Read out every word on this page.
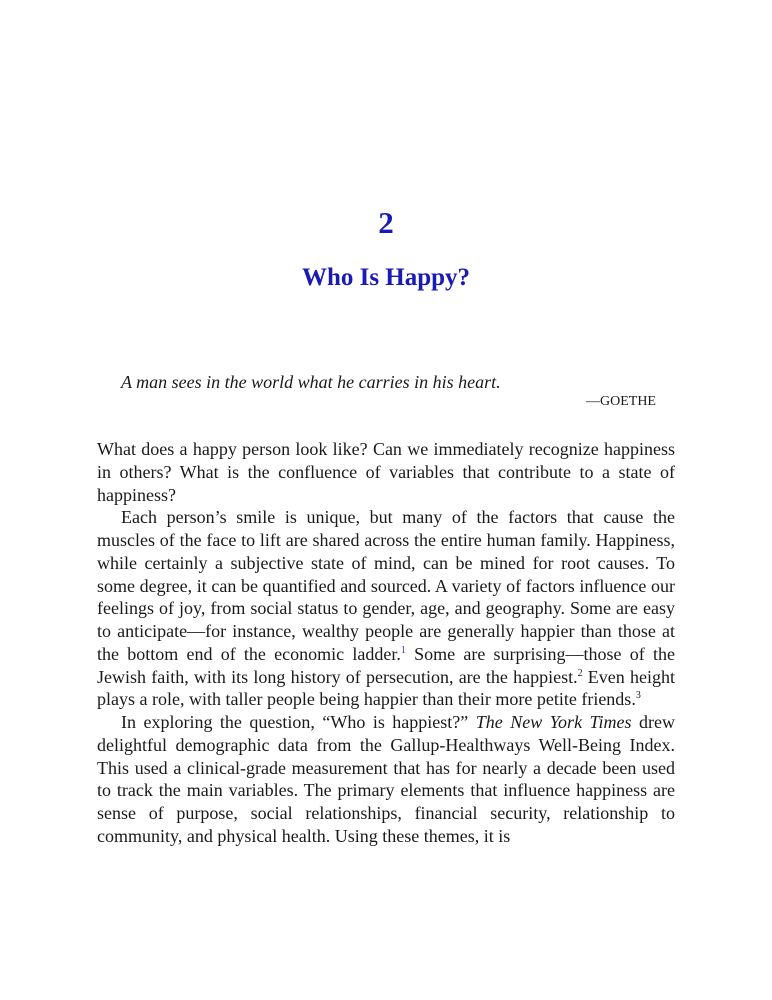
2
Who Is Happy?
A man sees in the world what he carries in his heart.
—GOETHE

What does a happy person look like? Can we immediately recognize happiness in others? What is the confluence of variables that contribute to a state of happiness?

Each person’s smile is unique, but many of the factors that cause the muscles of the face to lift are shared across the entire human family. Happiness, while certainly a subjective state of mind, can be mined for root causes. To some degree, it can be quantified and sourced. A variety of factors influence our feelings of joy, from social status to gender, age, and geography. Some are easy to anticipate—for instance, wealthy people are generally happier than those at the bottom end of the economic ladder.$^1$ Some are surprising—those of the Jewish faith, with its long history of persecution, are the happiest.$^2$ Even height plays a role, with taller people being happier than their more petite friends.$^3$

In exploring the question, “Who is happiest?” The New York Times drew delightful demographic data from the Gallup-Healthways Well-Being Index. This used a clinical-grade measurement that has for nearly a decade been used to track the main variables. The primary elements that influence happiness are sense of purpose, social relationships, financial security, relationship to community, and physical health. Using these themes, it is
